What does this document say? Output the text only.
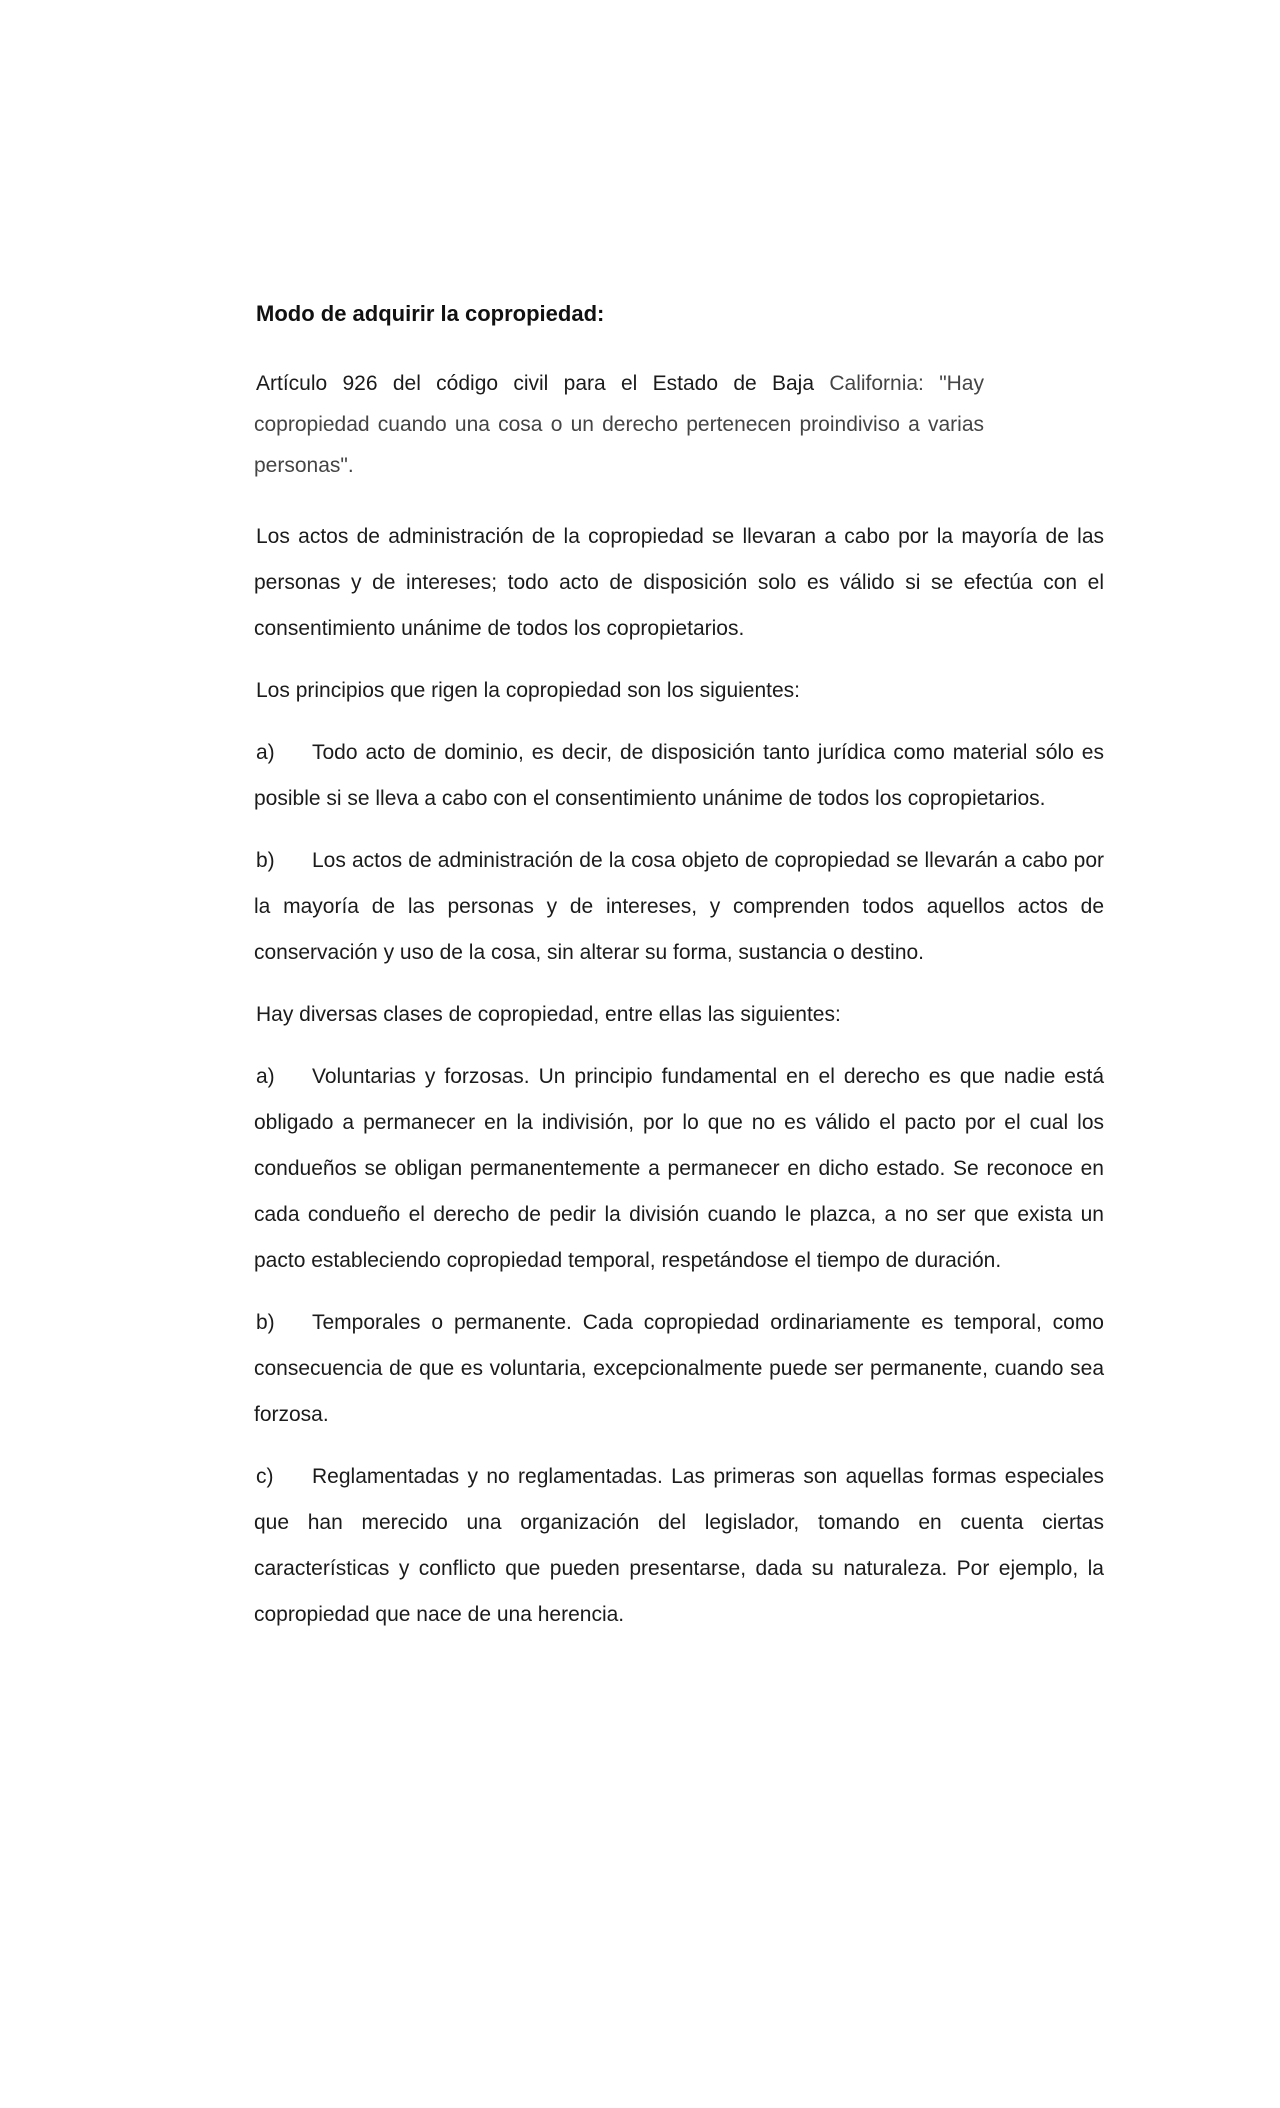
Modo de adquirir la copropiedad:

Artículo 926 del código civil para el Estado de Baja California: "Hay copropiedad cuando una cosa o un derecho pertenecen proindiviso a varias personas".

Los actos de administración de la copropiedad se llevaran a cabo por la mayoría de las personas y de intereses; todo acto de disposición solo es válido si se efectúa con el consentimiento unánime de todos los copropietarios.

Los principios que rigen la copropiedad son los siguientes:

a) Todo acto de dominio, es decir, de disposición tanto jurídica como material sólo es posible si se lleva a cabo con el consentimiento unánime de todos los copropietarios.

b) Los actos de administración de la cosa objeto de copropiedad se llevarán a cabo por la mayoría de las personas y de intereses, y comprenden todos aquellos actos de conservación y uso de la cosa, sin alterar su forma, sustancia o destino.

Hay diversas clases de copropiedad, entre ellas las siguientes:

a) Voluntarias y forzosas. Un principio fundamental en el derecho es que nadie está obligado a permanecer en la indivisión, por lo que no es válido el pacto por el cual los condueños se obligan permanentemente a permanecer en dicho estado. Se reconoce en cada condueño el derecho de pedir la división cuando le plazca, a no ser que exista un pacto estableciendo copropiedad temporal, respetándose el tiempo de duración.

b) Temporales o permanente. Cada copropiedad ordinariamente es temporal, como consecuencia de que es voluntaria, excepcionalmente puede ser permanente, cuando sea forzosa.

c) Reglamentadas y no reglamentadas. Las primeras son aquellas formas especiales que han merecido una organización del legislador, tomando en cuenta ciertas características y conflicto que pueden presentarse, dada su naturaleza. Por ejemplo, la copropiedad que nace de una herencia.
